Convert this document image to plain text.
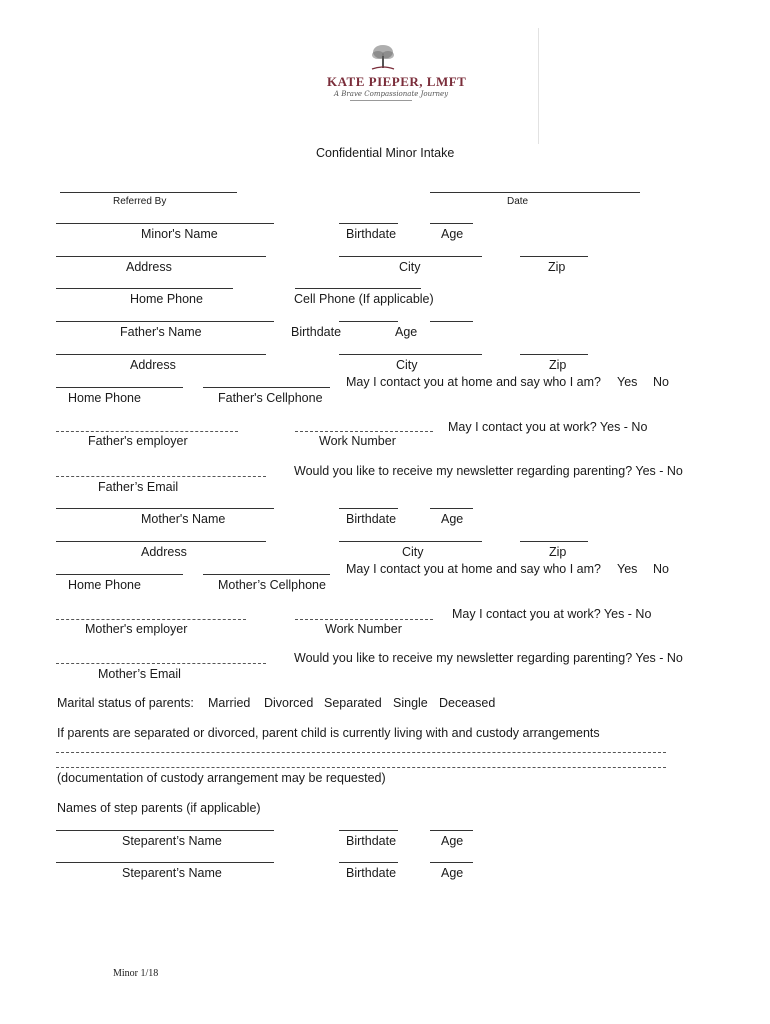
KATE PIEPER, LMFT
A Brave Compassionate Journey
Confidential Minor Intake
Referred By	Date
Minor's Name	Birthdate	Age
Address	City	Zip
Home Phone	Cell Phone (If applicable)
Father's Name	Birthdate	Age
Address	City	Zip
Home Phone	Father's Cellphone
May I contact you at home and say who I am? Yes No
Father's employer	Work Number
May I contact you at work? Yes - No
Father’s Email
Would you like to receive my newsletter regarding parenting? Yes - No
Mother's Name	Birthdate	Age
Address	City	Zip
Home Phone	Mother’s Cellphone
May I contact you at home and say who I am? Yes No
Mother's employer	Work Number
May I contact you at work? Yes - No
Mother’s Email
Would you like to receive my newsletter regarding parenting? Yes - No
Marital status of parents: Married Divorced Separated Single Deceased
If parents are separated or divorced, parent child is currently living with and custody arrangements
(documentation of custody arrangement may be requested)
Names of step parents (if applicable)
Steparent’s Name	Birthdate	Age
Steparent’s Name	Birthdate	Age
Minor 1/18
